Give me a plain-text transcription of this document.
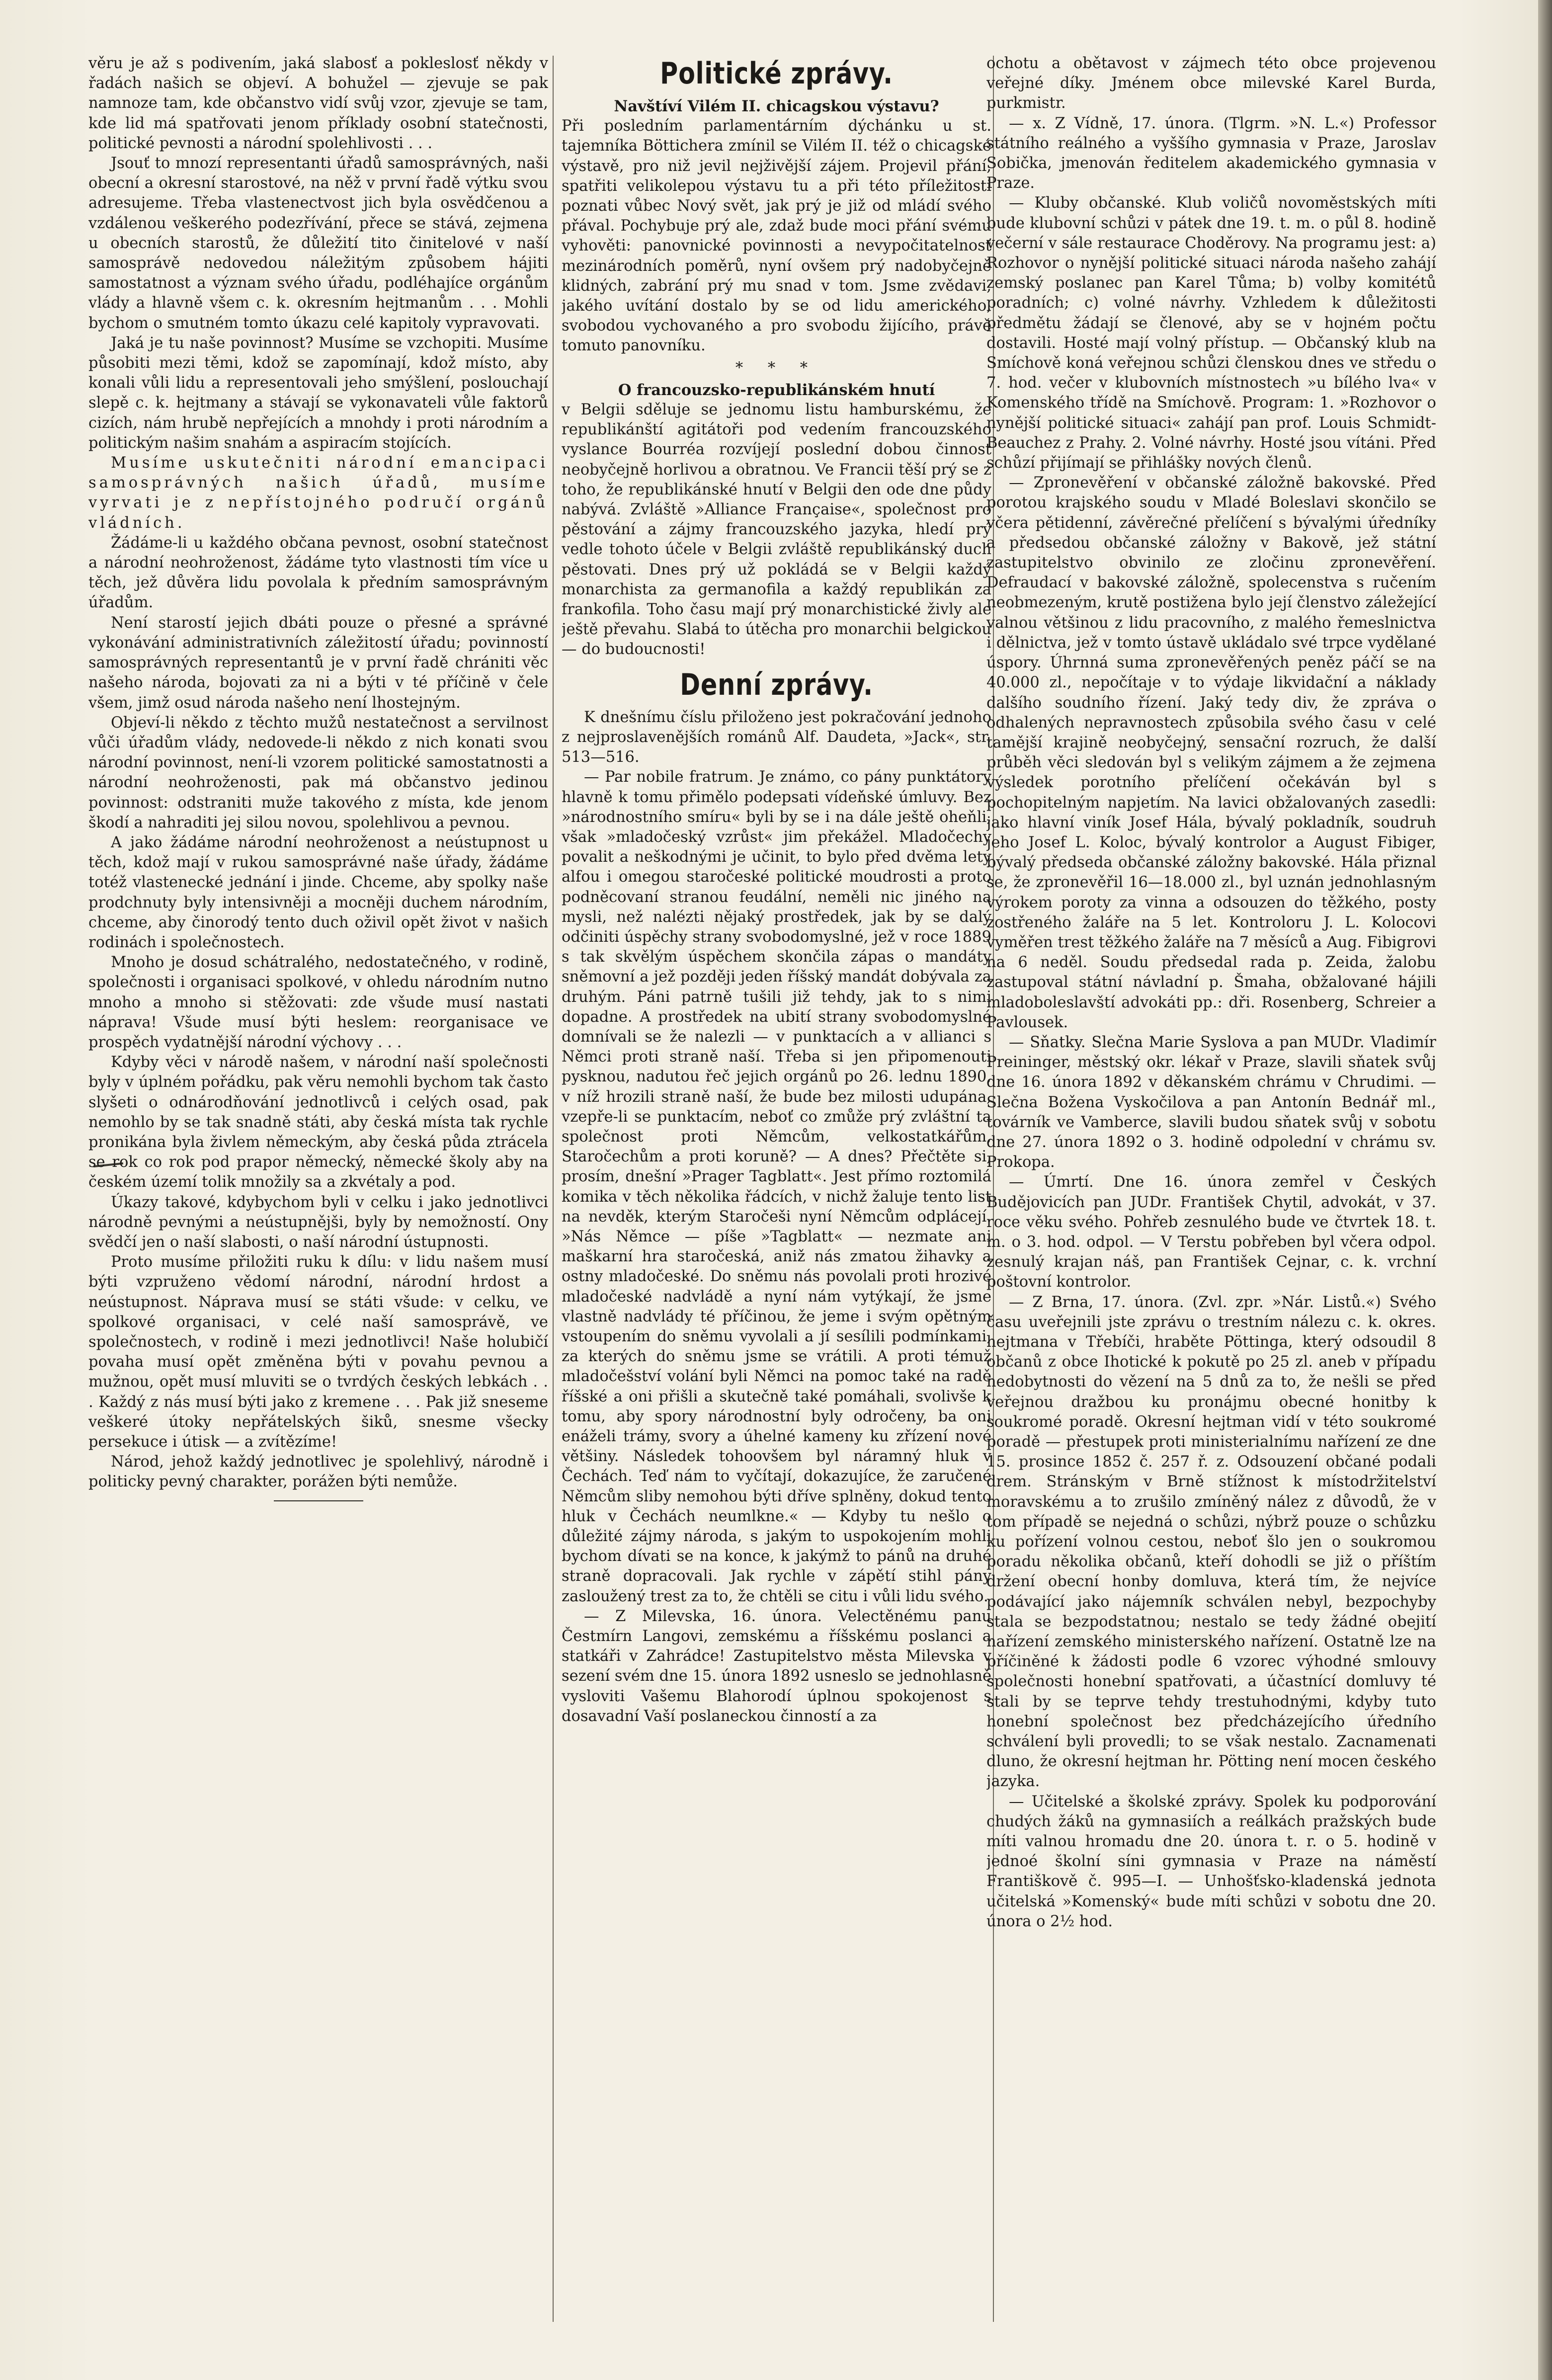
věru je až s podivením, jaká slabosť a pokleslosť někdy v řadách našich se objeví. A bohužel — zjevuje se pak namnoze tam, kde občanstvo vidí svůj vzor, zjevuje se tam, kde lid má spatřovati jenom příklady osobní statečnosti, politické pevnosti a národní spolehlivosti . . .

Jsouť to mnozí representanti úřadů samosprávných, naši obecní a okresní starostové, na něž v první řadě výtku svou adresujeme. Třeba vlastenectvost jich byla osvědčenou a vzdálenou veškerého podezřívání, přece se stává, zejmena u obecních starostů, že důležití tito činitelové v naší samosprávě nedovedou náležitým způsobem hájiti samostatnost a význam svého úřadu, podléhajíce orgánům vlády a hlavně všem c. k. okresním hejtmanům . . . Mohli bychom o smutném tomto úkazu celé kapitoly vypravovati.

Jaká je tu naše povinnost? Musíme se vzchopiti. Musíme působiti mezi těmi, kdož se zapomínají, kdož místo, aby konali vůli lidu a representovali jeho smýšlení, poslouchají slepě c. k. hejtmany a stávají se vykonavateli vůle faktorů cizích, nám hrubě nepřejících a mnohdy i proti národním a politickým našim snahám a aspiracím stojících.

Musíme uskutečniti národní emancipaci samosprávných našich úřadů, musíme vyrvati je z nepřístojného područí orgánů vládních.

Žádáme-li u každého občana pevnost, osobní statečnost a národní neohroženost, žádáme tyto vlastnosti tím více u těch, jež důvěra lidu povolala k předním samosprávným úřadům.

Není starostí jejich dbáti pouze o přesné a správné vykonávání administrativních záležitostí úřadu; povinností samosprávných representantů je v první řadě chrániti věc našeho národa, bojovati za ni a býti v té příčině v čele všem, jimž osud národa našeho není lhostejným.

Objeví-li někdo z těchto mužů nestatečnost a servilnost vůči úřadům vlády, nedovede-li někdo z nich konati svou národní povinnost, není-li vzorem politické samostatnosti a národní neohroženosti, pak má občanstvo jedinou povinnost: odstraniti muže takového z místa, kde jenom škodí a nahraditi jej silou novou, spolehlivou a pevnou.

A jako žádáme národní neohroženost a neústupnost u těch, kdož mají v rukou samosprávné naše úřady, žádáme totéž vlastenecké jednání i jinde. Chceme, aby spolky naše prodchnuty byly intensivněji a mocněji duchem národním, chceme, aby činorodý tento duch oživil opět život v našich rodinách i společnostech.

Mnoho je dosud schátralého, nedostatečného, v rodině, společnosti i organisaci spolkové, v ohledu národním nutno mnoho a mnoho si stěžovati: zde všude musí nastati náprava! Všude musí býti heslem: reorganisace ve prospěch vydatnější národní výchovy . . .

Kdyby věci v národě našem, v národní naší společnosti byly v úplném pořádku, pak věru nemohli bychom tak často slyšeti o odnárodňování jednotlivců i celých osad, pak nemohlo by se tak snadně státi, aby česká místa tak rychle pronikána byla živlem německým, aby česká půda ztrácela se rok co rok pod prapor německý, německé školy aby na českém území tolik množily sa a zkvétaly a pod.

Úkazy takové, kdybychom byli v celku i jako jednotlivci národně pevnými a neústupnějši, byly by nemožností. Ony svědčí jen o naší slabosti, o naší národní ústupnosti.

Proto musíme přiložiti ruku k dílu: v lidu našem musí býti vzpruženo vědomí národní, národní hrdost a neústupnost. Náprava musí se státi všude: v celku, ve spolkové organisaci, v celé naší samosprávě, ve společnostech, v rodině i mezi jednotlivci! Naše holubičí povaha musí opět změněna býti v povahu pevnou a mužnou, opět musí mluviti se o tvrdých českých lebkách . . . Každý z nás musí býti jako z kremene . . . Pak již sneseme veškeré útoky nepřátelských šiků, snesme všecky persekuce i útisk — a zvítězíme!

Národ, jehož každý jednotlivec je spolehlivý, národně i politicky pevný charakter, porážen býti nemůže.

Politické zprávy.

Navštíví Vilém II. chicagskou výstavu?

Při posledním parlamentárním dýchánku u st. tajemníka Böttichera zmínil se Vilém II. též o chicagské výstavě, pro niž jevil nejživější zájem. Projevil přání, spatřiti velikolepou výstavu tu a při této příležitosti poznati vůbec Nový svět, jak prý je již od mládí svého přával. Pochybuje prý ale, zdaž bude moci přání svému vyhověti: panovnické povinnosti a nevypočitatelnosť mezinárodních poměrů, nyní ovšem prý nadobyčejně klidných, zabrání prý mu snad v tom. Jsme zvědavi, jakého uvítání dostalo by se od lidu amerického, svobodou vychovaného a pro svobodu žijícího, právě tomuto panovníku.

* * *

O francouzsko-republikánském hnutí

v Belgii sděluje se jednomu listu hamburskému, že republikánští agitátoři pod vedením francouzského vyslance Bourréa rozvíjejí poslední dobou činnost neobyčejně horlivou a obratnou. Ve Francii těší prý se z toho, že republikánské hnutí v Belgii den ode dne půdy nabývá. Zvláště »Alliance Française«, společnost pro pěstování a zájmy francouzského jazyka, hledí prý vedle tohoto účele v Belgii zvláště republikánský duch pěstovati. Dnes prý už pokládá se v Belgii každý monarchista za germanofila a každý republikán za frankofila. Toho času mají prý monarchistické živly ale ještě převahu. Slabá to útěcha pro monarchii belgickou — do budoucnosti!

Denní zprávy.

K dnešnímu číslu přiloženo jest pokračování jednoho z nejproslavenějších románů Alf. Daudeta, »Jack«, str. 513—516.

— Par nobile fratrum. Je známo, co pány punktátory hlavně k tomu přimělo podepsati vídeňské úmluvy. Bez »národnostního smíru« byli by se i na dále ještě oheňli, však »mladočeský vzrůst« jim překážel. Mladočechy povalit a neškodnými je učinit, to bylo před dvěma lety alfou i omegou staročeské politické moudrosti a proto podněcovaní stranou feudální, neměli nic jiného na mysli, než nalézti nějaký prostředek, jak by se dalý odčiniti úspěchy strany svobodomyslné, jež v roce 1889 s tak skvělým úspěchem skončila zápas o mandáty sněmovní a jež později jeden říšský mandát dobývala za druhým. Páni patrně tušili již tehdy, jak to s nimi dopadne. A prostředek na ubití strany svobodomyslné domnívali se že nalezli — v punktacích a v allianci s Němci proti straně naší. Třeba si jen připomenouti pysknou, nadutou řeč jejich orgánů po 26. lednu 1890, v níž hrozili straně naší, že bude bez milosti udupána, vzepře-li se punktacím, neboť co zmůže prý zvláštní ta společnost proti Němcům, velkostatkářům, Staročechům a proti koruně? — A dnes? Přečtěte si, prosím, dnešní »Prager Tagblatt«. Jest přímo roztomilá komika v těch několika řádcích, v nichž žaluje tento list na nevděk, kterým Staročeši nyní Němcům odplácejí. »Nás Němce — píše »Tagblatt« — nezmate ani maškarní hra staročeská, aniž nás zmatou žihavky a ostny mladočeské. Do sněmu nás povolali proti hrozivé mladočeské nadvládě a nyní nám vytýkají, že jsme vlastně nadvlády té příčinou, že jeme i svým opětným vstoupením do sněmu vyvolali a jí sesílili podmínkami, za kterých do sněmu jsme se vrátili. A proti témuž mladočešství volání byli Němci na pomoc také na radě říšské a oni přišli a skutečně také pomáhali, svolivše k tomu, aby spory národnostní byly odročeny, ba oni enáželi trámy, svory a úhelné kameny ku zřízení nové většiny. Následek tohoovšem byl náramný hluk v Čechách. Teď nám to vyčítají, dokazujíce, že zaručené Němcům sliby nemohou býti dříve splněny, dokud tento hluk v Čechách neumlkne.« — Kdyby tu nešlo o důležité zájmy národa, s jakým to uspokojením mohli bychom dívati se na konce, k jakýmž to pánů na druhé straně dopracovali. Jak rychle v zápětí stihl pány zasloužený trest za to, že chtěli se citu i vůli lidu svého.

— Z Milevska, 16. února. Velectěnému panu Čestmírn Langovi, zemskému a říšskému poslanci a statkáři v Zahrádce! Zastupitelstvo města Milevska v sezení svém dne 15. února 1892 usneslo se jednohlasně vysloviti Vašemu Blahorodí úplnou spokojenost s dosavadní Vaší poslaneckou činností a za

ochotu a obětavost v zájmech této obce projevenou veřejné díky. Jménem obce milevské Karel Burda, purkmistr.

— x. Z Vídně, 17. února. (Tlgrm. »N. L.«) Professor státního reálného a vyššího gymnasia v Praze, Jaroslav Sobička, jmenován ředitelem akademického gymnasia v Praze.

— Kluby občanské. Klub voličů novoměstských míti bude klubovní schůzi v pátek dne 19. t. m. o půl 8. hodině večerní v sále restaurace Choděrovy. Na programu jest: a) Rozhovor o nynější politické situaci národa našeho zahájí zemský poslanec pan Karel Tůma; b) volby komitétů poradních; c) volné návrhy. Vzhledem k důležitosti předmětu žádají se členové, aby se v hojném počtu dostavili. Hosté mají volný přístup. — Občanský klub na Smíchově koná veřejnou schůzi členskou dnes ve středu o 7. hod. večer v klubovních místnostech »u bílého lva« v Komenského třídě na Smíchově. Program: 1. »Rozhovor o nynější politické situaci« zahájí pan prof. Louis Schmidt-Beauchez z Prahy. 2. Volné návrhy. Hosté jsou vítáni. Před schůzí přijímají se přihlášky nových členů.

— Zpronevěření v občanské záložně bakovské. Před porotou krajského soudu v Mladé Boleslavi skončilo se včera pětidenní, závěrečné přelíčení s bývalými úředníky a předsedou občanské záložny v Bakově, jež státní zastupitelstvo obvinilo ze zločinu zpronevěření. Defraudací v bakovské záložně, spolecenstva s ručením neobmezeným, krutě postižena bylo její členstvo záležející valnou většinou z lidu pracovního, z malého řemeslnictva i dělnictva, jež v tomto ústavě ukládalo své trpce vydělané úspory. Úhrnná suma zpronevěřených peněz páčí se na 40.000 zl., nepočítaje v to výdaje likvidační a náklady dalšího soudního řízení. Jaký tedy div, že zpráva o odhalených nepravnostech způsobila svého času v celé tamější krajině neobyčejný, sensační rozruch, že další průběh věci sledován byl s velikým zájmem a že zejmena výsledek porotního přelíčení očekáván byl s pochopitelným napjetím. Na lavici obžalovaných zasedli: jako hlavní viník Josef Hála, bývalý pokladník, soudruh jeho Josef L. Koloc, bývalý kontrolor a August Fibiger, bývalý předseda občanské záložny bakovské. Hála přiznal se, že zpronevěřil 16—18.000 zl., byl uznán jednohlasným výrokem poroty za vinna a odsouzen do těžkého, posty zostřeného žaláře na 5 let. Kontroloru J. L. Kolocovi vyměřen trest těžkého žaláře na 7 měsíců a Aug. Fibigrovi na 6 neděl. Soudu předsedal rada p. Zeida, žalobu zastupoval státní návladní p. Šmaha, obžalované hájili mladoboleslavští advokáti pp.: dři. Rosenberg, Schreier a Pavlousek.

— Sňatky. Slečna Marie Syslova a pan MUDr. Vladimír Preininger, městský okr. lékař v Praze, slavili sňatek svůj dne 16. února 1892 v děkanském chrámu v Chrudimi. — Slečna Božena Vyskočilova a pan Antonín Bednář ml., továrník ve Vamberce, slavili budou sňatek svůj v sobotu dne 27. února 1892 o 3. hodině odpolední v chrámu sv. Prokopa.

— Úmrtí. Dne 16. února zemřel v Českých Budějovicích pan JUDr. František Chytil, advokát, v 37. roce věku svého. Pohřeb zesnulého bude ve čtvrtek 18. t. m. o 3. hod. odpol. — V Terstu pobřeben byl včera odpol. zesnulý krajan náš, pan František Cejnar, c. k. vrchní poštovní kontrolor.

— Z Brna, 17. února. (Zvl. zpr. »Nár. Listů.«) Svého času uveřejnili jste zprávu o trestním nálezu c. k. okres. hejtmana v Třebíči, hraběte Pöttinga, který odsoudil 8 občanů z obce Ihotické k pokutě po 25 zl. aneb v případu nedobytnosti do vězení na 5 dnů za to, že nešli se před veřejnou dražbou ku pronájmu obecné honitby k soukromé poradě. Okresní hejtman vidí v této soukromé poradě — přestupek proti ministerialnímu nařízení ze dne 15. prosince 1852 č. 257 ř. z. Odsouzení občané podali drem. Stránským v Brně stížnost k místodržitelství moravskému a to zrušilo zmíněný nález z důvodů, že v tom případě se nejedná o schůzi, nýbrž pouze o schůzku ku pořízení volnou cestou, neboť šlo jen o soukromou poradu několika občanů, kteří dohodli se již o příštím držení obecní honby domluva, která tím, že nejvíce podávající jako nájemník schválen nebyl, bezpochyby stala se bezpodstatnou; nestalo se tedy žádné obejití nařízení zemského ministerského nařízení. Ostatně lze na příčiněné k žádosti podle 6 vzorec výhodné smlouvy společnosti honební spatřovati, a účastnící domluvy té stali by se teprve tehdy trestuhodnými, kdyby tuto honební společnost bez předcházejícího úředního schválení byli provedli; to se však nestalo. Zacnamenati dluno, že okresní hejtman hr. Pötting není mocen českého jazyka.

— Učitelské a školské zprávy. Spolek ku podporování chudých žáků na gymnasiích a reálkách pražských bude míti valnou hromadu dne 20. února t. r. o 5. hodině v jednoé školní síni gymnasia v Praze na náměstí Františkově č. 995—I. — Unhošťsko-kladenská jednota učitelská »Komenský« bude míti schůzi v sobotu dne 20. února o 2½ hod.
